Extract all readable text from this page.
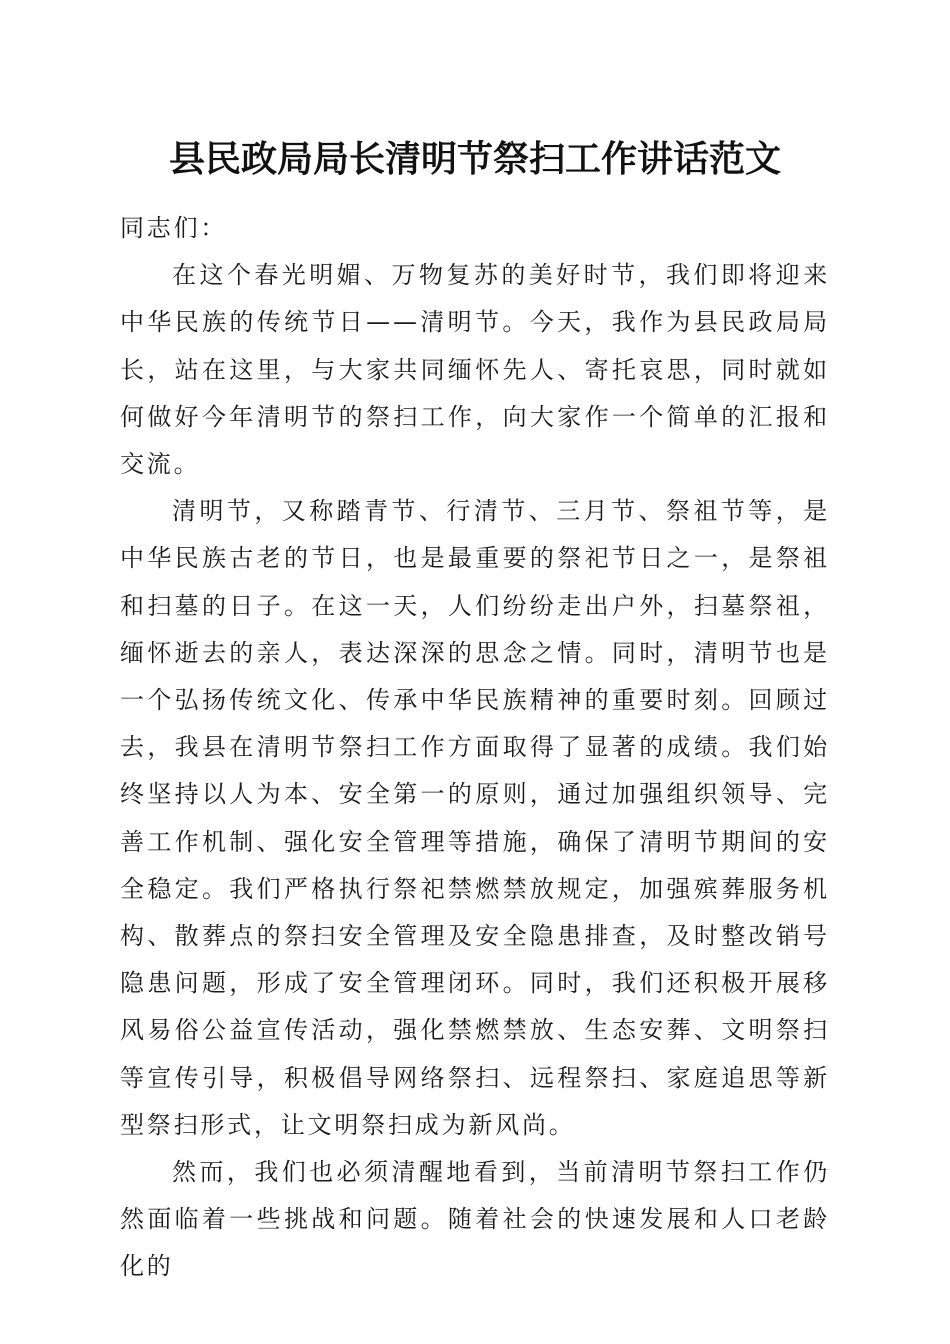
县民政局局长清明节祭扫工作讲话范文

同志们：

在这个春光明媚、万物复苏的美好时节，我们即将迎来中华民族的传统节日——清明节。今天，我作为县民政局局长，站在这里，与大家共同缅怀先人、寄托哀思，同时就如何做好今年清明节的祭扫工作，向大家作一个简单的汇报和交流。

清明节，又称踏青节、行清节、三月节、祭祖节等，是中华民族古老的节日，也是最重要的祭祀节日之一，是祭祖和扫墓的日子。在这一天，人们纷纷走出户外，扫墓祭祖，缅怀逝去的亲人，表达深深的思念之情。同时，清明节也是一个弘扬传统文化、传承中华民族精神的重要时刻。回顾过去，我县在清明节祭扫工作方面取得了显著的成绩。我们始终坚持以人为本、安全第一的原则，通过加强组织领导、完善工作机制、强化安全管理等措施，确保了清明节期间的安全稳定。我们严格执行祭祀禁燃禁放规定，加强殡葬服务机构、散葬点的祭扫安全管理及安全隐患排查，及时整改销号隐患问题，形成了安全管理闭环。同时，我们还积极开展移风易俗公益宣传活动，强化禁燃禁放、生态安葬、文明祭扫等宣传引导，积极倡导网络祭扫、远程祭扫、家庭追思等新型祭扫形式，让文明祭扫成为新风尚。

然而，我们也必须清醒地看到，当前清明节祭扫工作仍然面临着一些挑战和问题。随着社会的快速发展和人口老龄化的
